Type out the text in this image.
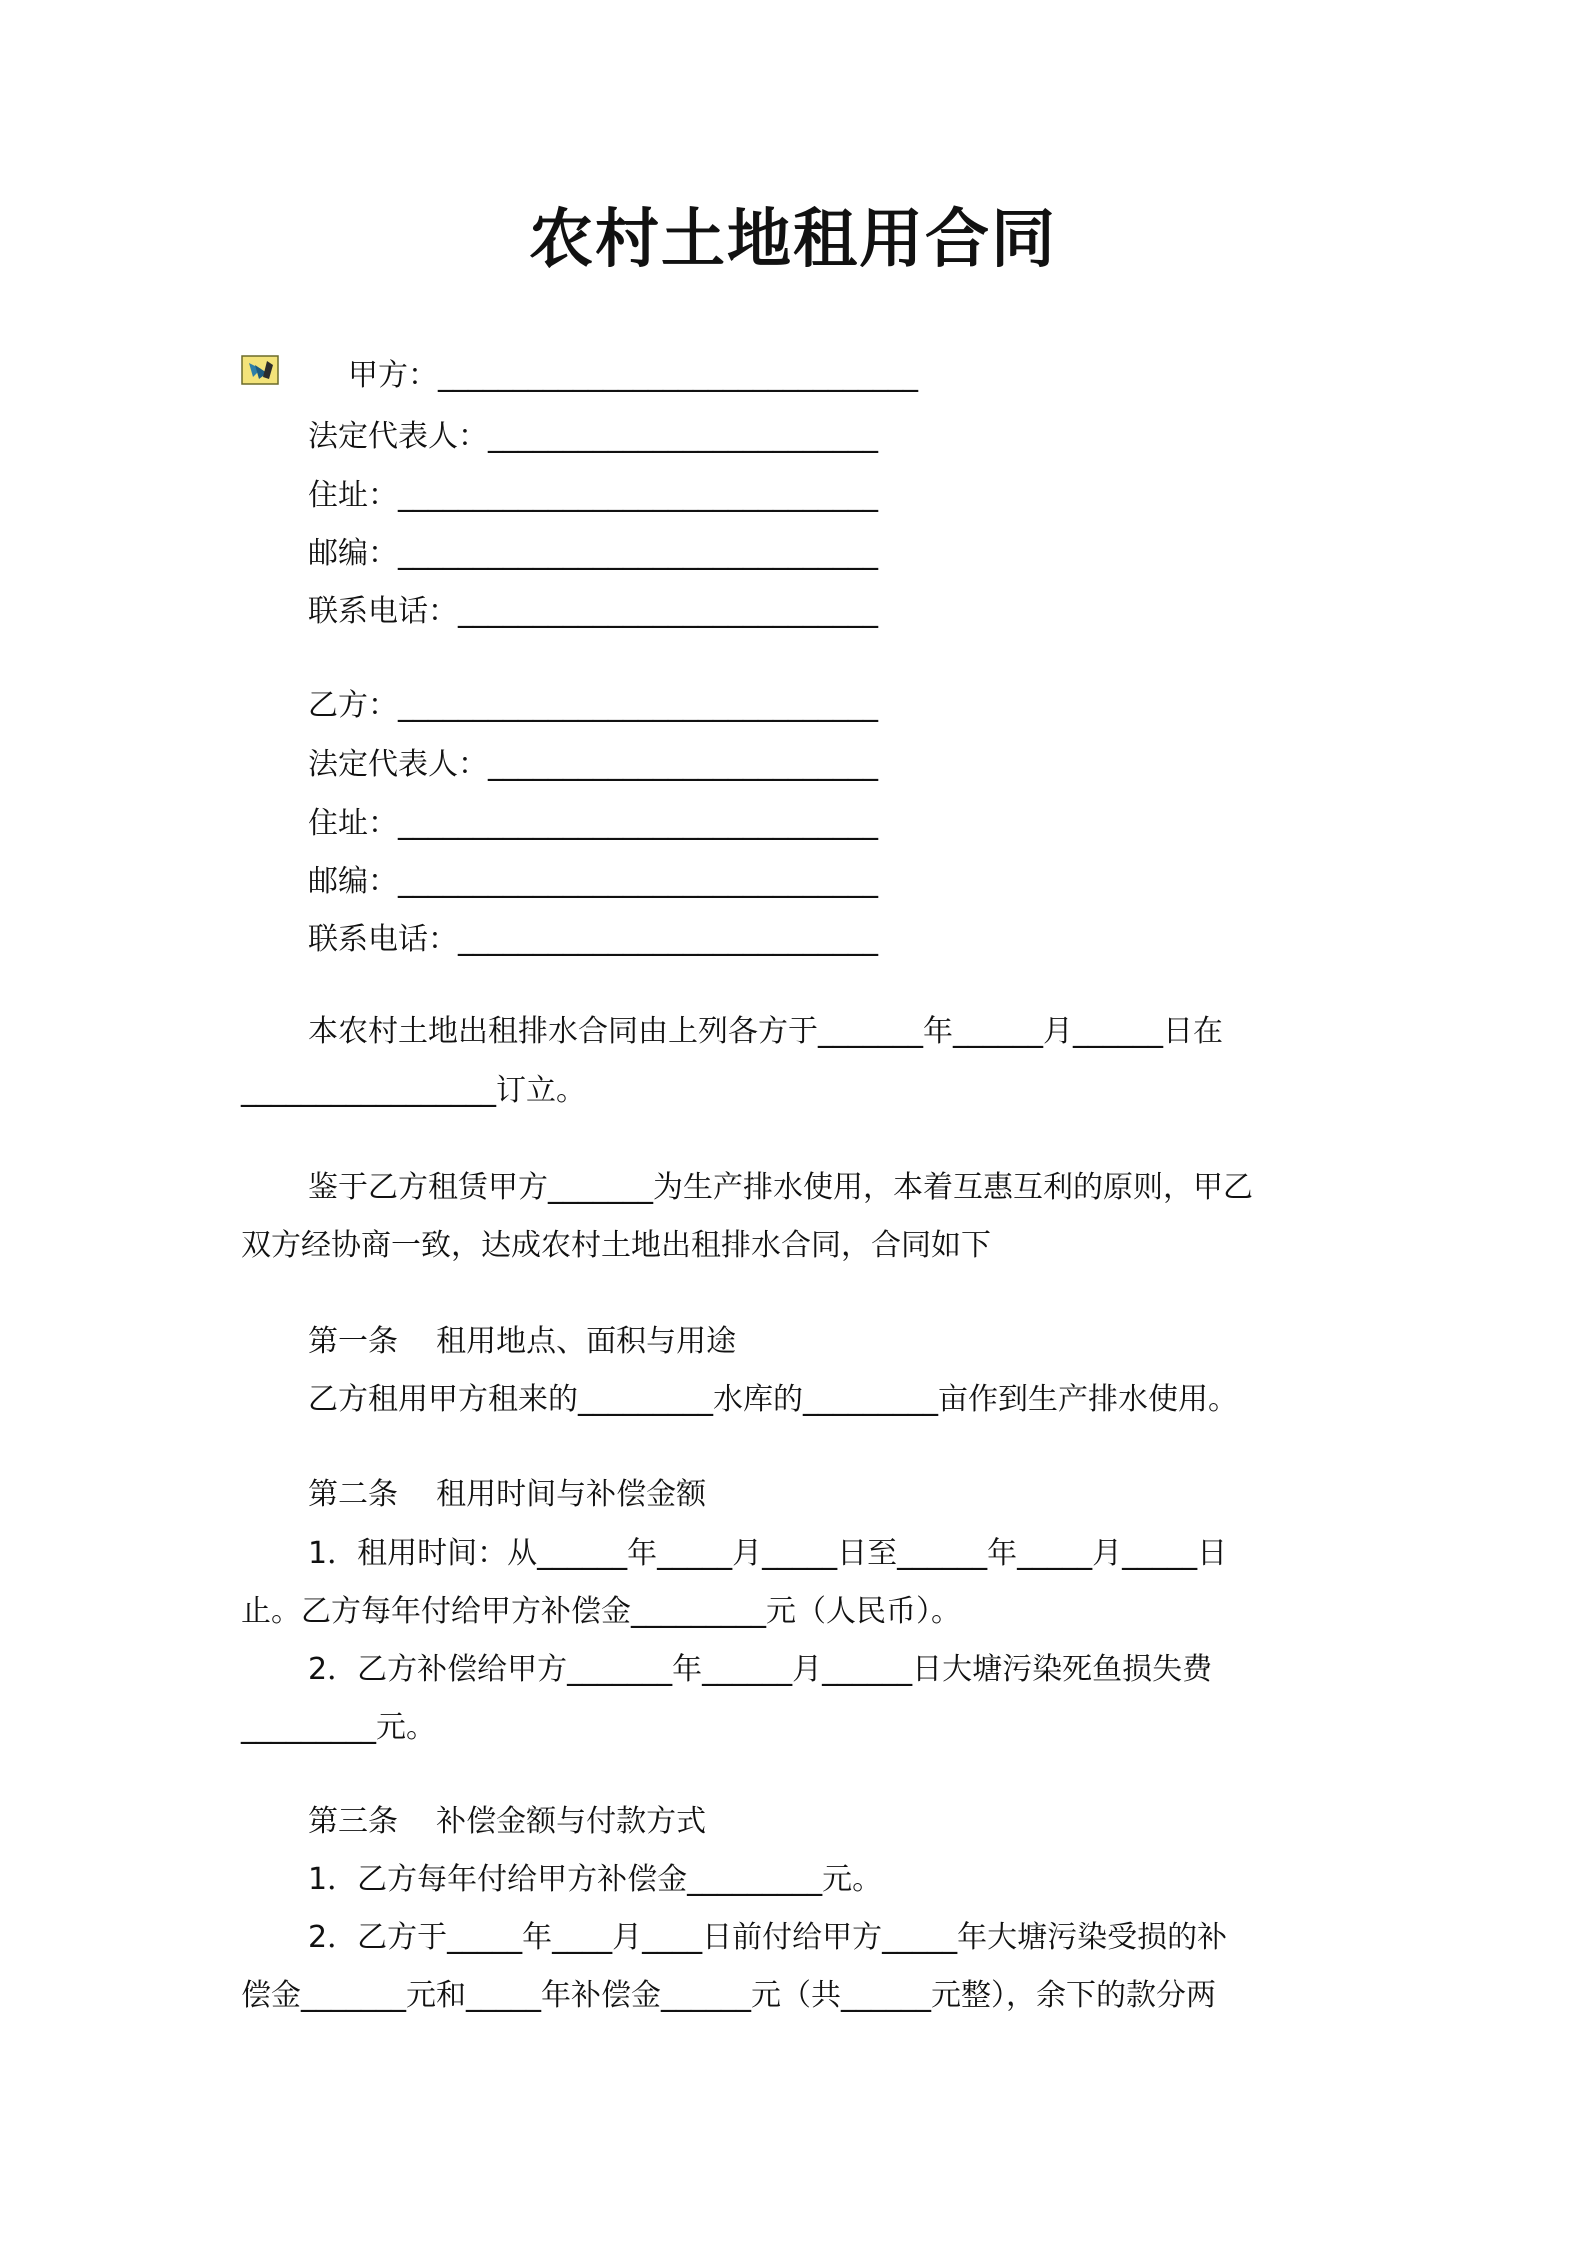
农村土地租用合同
甲方：________________________________
法定代表人：__________________________
住址：________________________________
邮编：________________________________
联系电话：____________________________
乙方：________________________________
法定代表人：__________________________
住址：________________________________
邮编：________________________________
联系电话：____________________________
本农村土地出租排水合同由上列各方于_______年______月______日在
_________________订立。
鉴于乙方租赁甲方_______为生产排水使用，本着互惠互利的原则，甲乙
双方经协商一致，达成农村土地出租排水合同，合同如下
第一条    租用地点、面积与用途
乙方租用甲方租来的_________水库的_________亩作到生产排水使用。
第二条    租用时间与补偿金额
1．租用时间：从______年_____月_____日至______年_____月_____日
止。乙方每年付给甲方补偿金_________元（人民币）。
2．乙方补偿给甲方_______年______月______日大塘污染死鱼损失费
_________元。
第三条    补偿金额与付款方式
1．乙方每年付给甲方补偿金_________元。
2．乙方于_____年____月____日前付给甲方_____年大塘污染受损的补
偿金_______元和_____年补偿金______元（共______元整），余下的款分两
